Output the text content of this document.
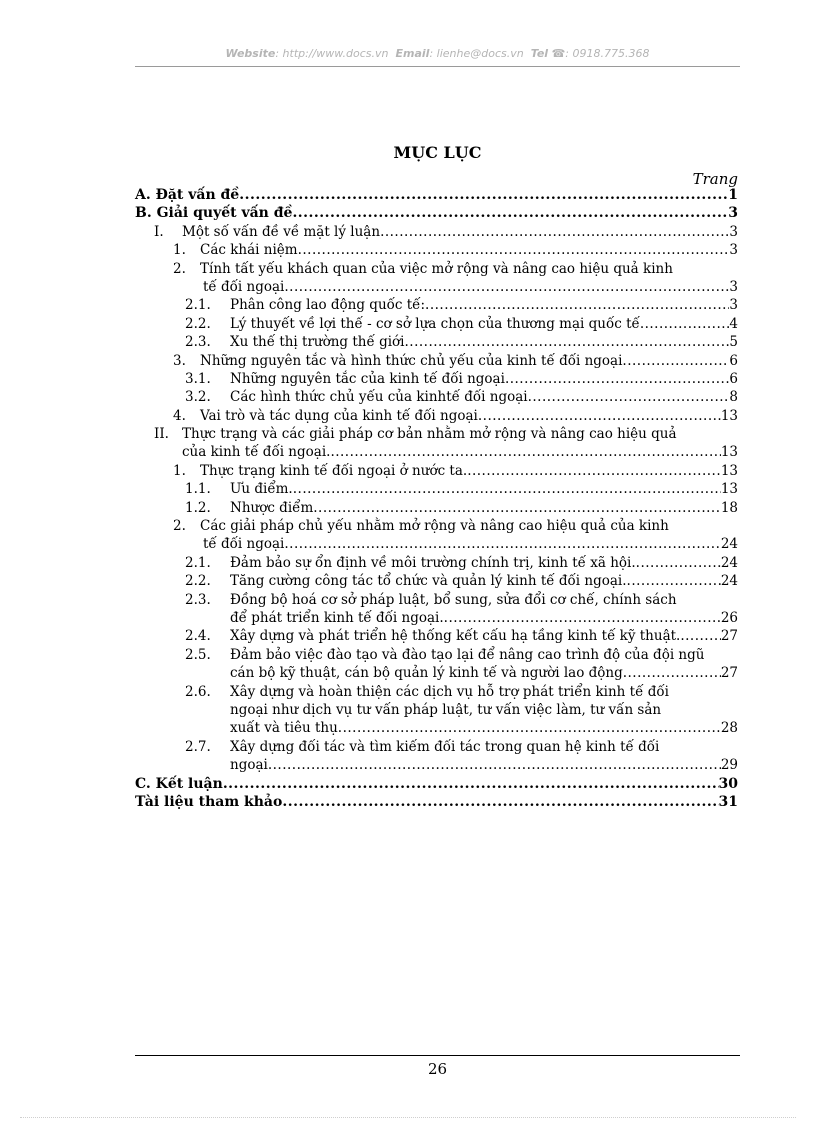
Website: http://www.docs.vn Email: lienhe@docs.vn Tel ☎: 0918.775.368
MỤC LỤC
Trang
A. Đặt vấn đề .....	1
B. Giải quyết vấn đề .....	3
I.	Một số vấn đề về mặt lý luận .....	3
1.	Các khái niệm .....	3
2.	Tính tất yếu khách quan của việc mở rộng và nâng cao hiệu quả kinh
tế đối ngoại .....	3
2.1.	Phân công lao động quốc tế: .....	3
2.2.	Lý thuyết về lợi thế - cơ sở lựa chọn của thương mại quốc tế .....	4
2.3.	Xu thế thị trường thế giới .....	5
3.	Những nguyên tắc và hình thức chủ yếu của kinh tế đối ngoại .....	6
3.1.	Những nguyên tắc của kinh tế đối ngoại .....	6
3.2.	Các hình thức chủ yếu của kinhtế đối ngoại .....	8
4.	Vai trò và tác dụng của kinh tế đối ngoại .....	13
II. Thực trạng và các giải pháp cơ bản nhằm mở rộng và nâng cao hiệu quả
của kinh tế đối ngoại. .....	13
1.	Thực trạng kinh tế đối ngoại ở nước ta. .....	13
1.1.	Ưu điểm. .....	13
1.2.	Nhược điểm .....	18
2.	Các giải pháp chủ yếu nhằm mở rộng và nâng cao hiệu quả của kinh
tế đối ngoại .....	24
2.1.	Đảm bảo sự ổn định về môi trường chính trị, kinh tế xã hội. .....	24
2.2.	Tăng cường công tác tổ chức và quản lý kinh tế đối ngoại. .....	24
2.3.	Đồng bộ hoá cơ sở pháp luật, bổ sung, sửa đổi cơ chế, chính sách
để phát triển kinh tế đối ngoại. .....	26
2.4.	Xây dựng và phát triển hệ thống kết cấu hạ tầng kinh tế kỹ thuật. .....	27
2.5.	Đảm bảo việc đào tạo và đào tạo lại để nâng cao trình độ của đội ngũ
cán bộ kỹ thuật, cán bộ quản lý kinh tế và người lao động .....	27
2.6.	Xây dựng và hoàn thiện các dịch vụ hỗ trợ phát triển kinh tế đối
ngoại như dịch vụ tư vấn pháp luật, tư vấn việc làm, tư vấn sản
xuất và tiêu thụ .....	28
2.7.	Xây dựng đối tác và tìm kiếm đối tác trong quan hệ kinh tế đối
ngoại .....	29
C. Kết luận .....	30
Tài liệu tham khảo .....	31
26
